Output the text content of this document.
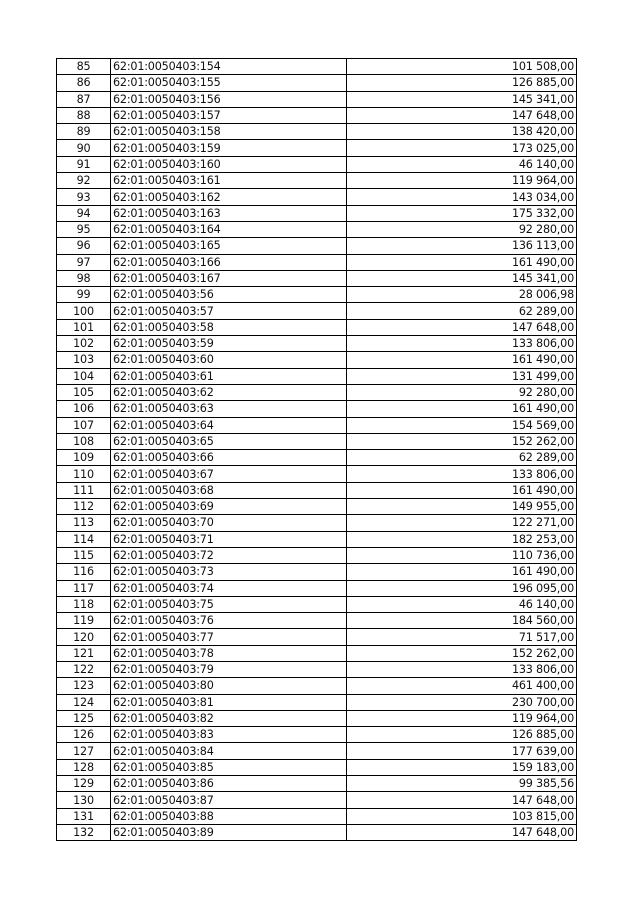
85	62:01:0050403:154	101 508,00
86	62:01:0050403:155	126 885,00
87	62:01:0050403:156	145 341,00
88	62:01:0050403:157	147 648,00
89	62:01:0050403:158	138 420,00
90	62:01:0050403:159	173 025,00
91	62:01:0050403:160	46 140,00
92	62:01:0050403:161	119 964,00
93	62:01:0050403:162	143 034,00
94	62:01:0050403:163	175 332,00
95	62:01:0050403:164	92 280,00
96	62:01:0050403:165	136 113,00
97	62:01:0050403:166	161 490,00
98	62:01:0050403:167	145 341,00
99	62:01:0050403:56	28 006,98
100	62:01:0050403:57	62 289,00
101	62:01:0050403:58	147 648,00
102	62:01:0050403:59	133 806,00
103	62:01:0050403:60	161 490,00
104	62:01:0050403:61	131 499,00
105	62:01:0050403:62	92 280,00
106	62:01:0050403:63	161 490,00
107	62:01:0050403:64	154 569,00
108	62:01:0050403:65	152 262,00
109	62:01:0050403:66	62 289,00
110	62:01:0050403:67	133 806,00
111	62:01:0050403:68	161 490,00
112	62:01:0050403:69	149 955,00
113	62:01:0050403:70	122 271,00
114	62:01:0050403:71	182 253,00
115	62:01:0050403:72	110 736,00
116	62:01:0050403:73	161 490,00
117	62:01:0050403:74	196 095,00
118	62:01:0050403:75	46 140,00
119	62:01:0050403:76	184 560,00
120	62:01:0050403:77	71 517,00
121	62:01:0050403:78	152 262,00
122	62:01:0050403:79	133 806,00
123	62:01:0050403:80	461 400,00
124	62:01:0050403:81	230 700,00
125	62:01:0050403:82	119 964,00
126	62:01:0050403:83	126 885,00
127	62:01:0050403:84	177 639,00
128	62:01:0050403:85	159 183,00
129	62:01:0050403:86	99 385,56
130	62:01:0050403:87	147 648,00
131	62:01:0050403:88	103 815,00
132	62:01:0050403:89	147 648,00
